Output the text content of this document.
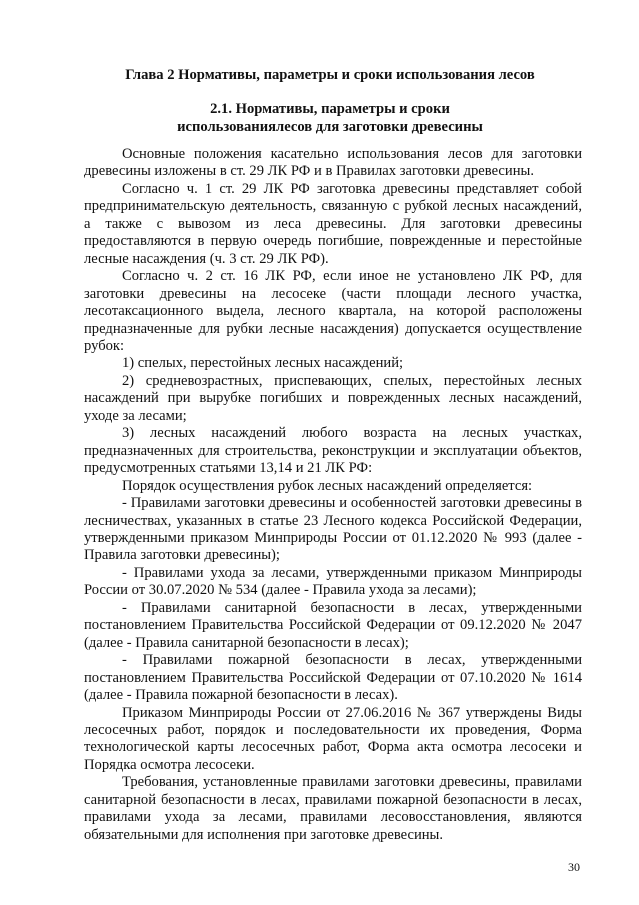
Глава 2 Нормативы, параметры и сроки использования лесов
2.1. Нормативы, параметры и сроки
использованиялесов для заготовки древесины

Основные положения касательно использования лесов для заготовки древесины изложены в ст. 29 ЛК РФ и в Правилах заготовки древесины.

Согласно ч. 1 ст. 29 ЛК РФ заготовка древесины представляет собой предпринимательскую деятельность, связанную с рубкой лесных насаждений, а также с вывозом из леса древесины. Для заготовки древесины предоставляются в первую очередь погибшие, поврежденные и перестойные лесные насаждения (ч. 3 ст. 29 ЛК РФ).

Согласно ч. 2 ст. 16 ЛК РФ, если иное не установлено ЛК РФ, для заготовки древесины на лесосеке (части площади лесного участка, лесотаксационного выдела, лесного квартала, на которой расположены предназначенные для рубки лесные насаждения) допускается осуществление рубок:

1) спелых, перестойных лесных насаждений;

2) средневозрастных, приспевающих, спелых, перестойных лесных насаждений при вырубке погибших и поврежденных лесных насаждений, уходе за лесами;

3) лесных насаждений любого возраста на лесных участках, предназначенных для строительства, реконструкции и эксплуатации объектов, предусмотренных статьями 13,14 и 21 ЛК РФ:

Порядок осуществления рубок лесных насаждений определяется:

- Правилами заготовки древесины и особенностей заготовки древесины в лесничествах, указанных в статье 23 Лесного кодекса Российской Федерации, утвержденными приказом Минприроды России от 01.12.2020 № 993 (далее - Правила заготовки древесины);

- Правилами ухода за лесами, утвержденными приказом Минприроды России от 30.07.2020 № 534 (далее - Правила ухода за лесами);

- Правилами санитарной безопасности в лесах, утвержденными постановлением Правительства Российской Федерации от 09.12.2020 № 2047 (далее - Правила санитарной безопасности в лесах);

- Правилами пожарной безопасности в лесах, утвержденными постановлением Правительства Российской Федерации от 07.10.2020 № 1614 (далее - Правила пожарной безопасности в лесах).

Приказом Минприроды России от 27.06.2016 № 367 утверждены Виды лесосечных работ, порядок и последовательности их проведения, Форма технологической карты лесосечных работ, Форма акта осмотра лесосеки и Порядка осмотра лесосеки.

Требования, установленные правилами заготовки древесины, правилами санитарной безопасности в лесах, правилами пожарной безопасности в лесах, правилами ухода за лесами, правилами лесовосстановления, являются обязательными для исполнения при заготовке древесины.

30
